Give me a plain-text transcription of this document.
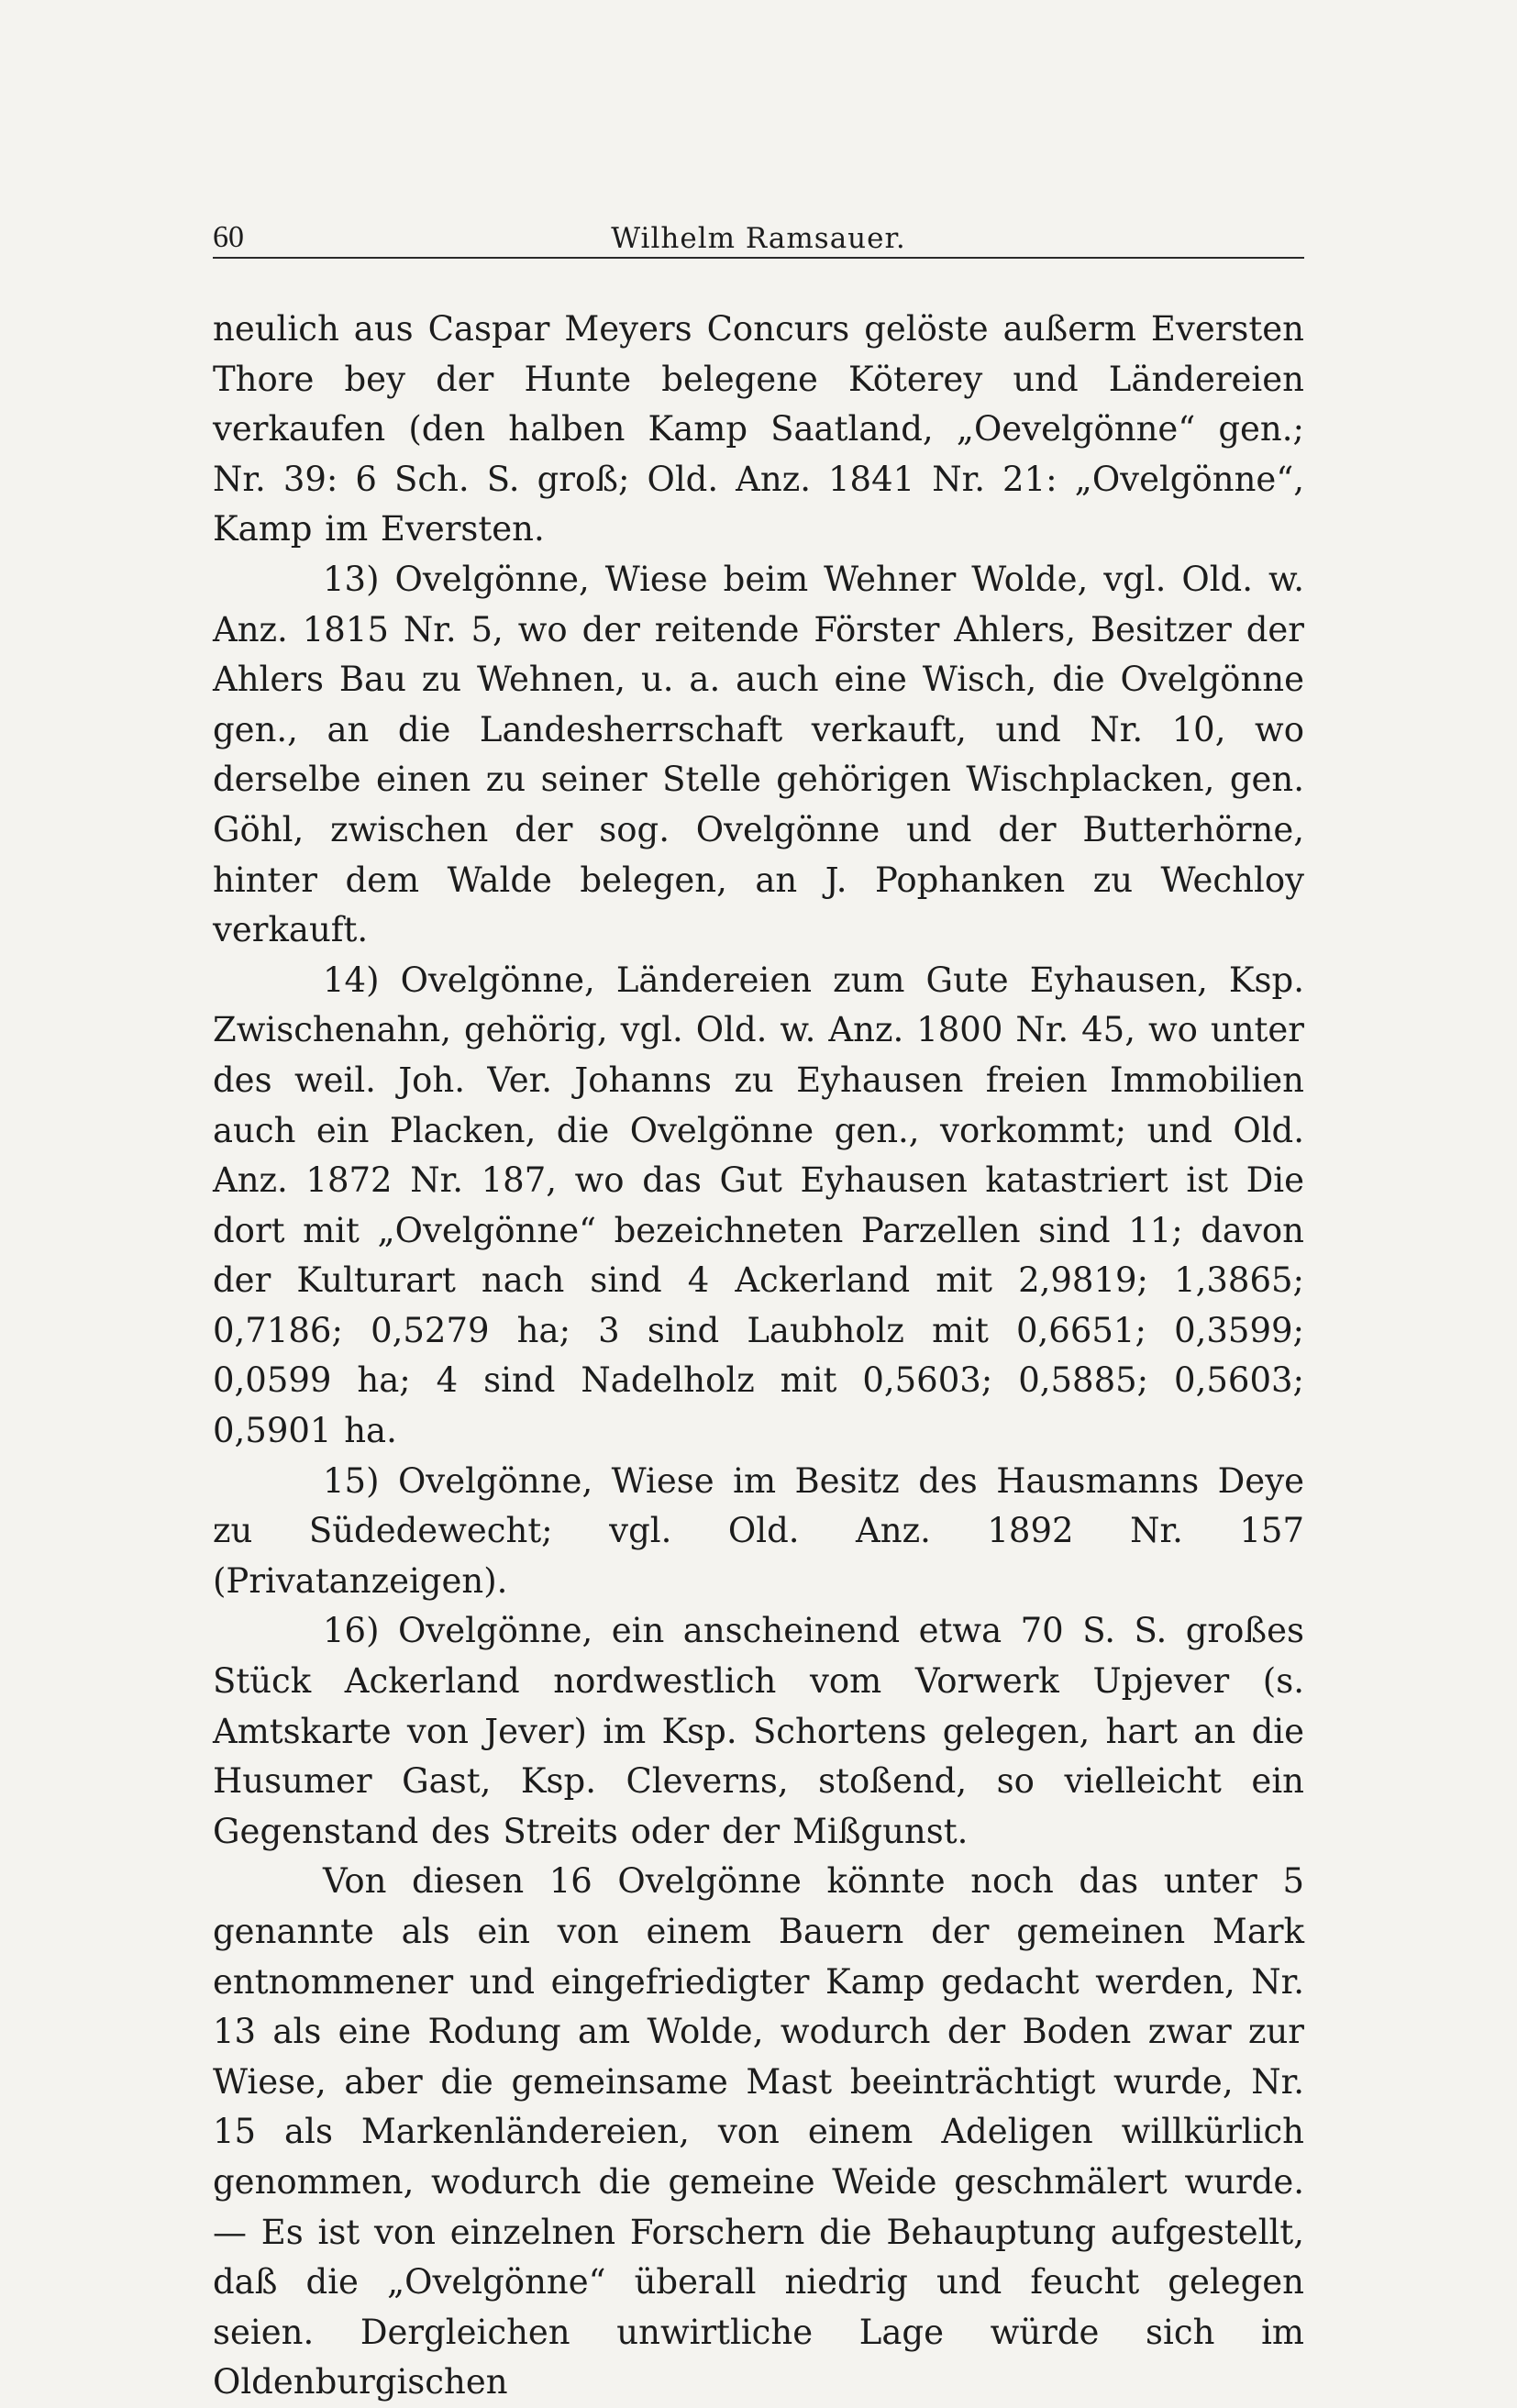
60	Wilhelm Ramsauer.

neulich aus Caspar Meyers Concurs gelöste außerm Eversten Thore bey der Hunte belegene Köterey und Ländereien verkaufen (den halben Kamp Saatland, „Oevelgönne“ gen.; Nr. 39: 6 Sch. S. groß; Old. Anz. 1841 Nr. 21: „Ovelgönne“, Kamp im Eversten.

13) Ovelgönne, Wiese beim Wehner Wolde, vgl. Old. w. Anz. 1815 Nr. 5, wo der reitende Förster Ahlers, Besitzer der Ahlers Bau zu Wehnen, u. a. auch eine Wisch, die Ovelgönne gen., an die Landesherrschaft verkauft, und Nr. 10, wo derselbe einen zu seiner Stelle gehörigen Wischplacken, gen. Göhl, zwischen der sog. Ovelgönne und der Butterhörne, hinter dem Walde belegen, an J. Pophanken zu Wechloy verkauft.

14) Ovelgönne, Ländereien zum Gute Eyhausen, Ksp. Zwischenahn, gehörig, vgl. Old. w. Anz. 1800 Nr. 45, wo unter des weil. Joh. Ver. Johanns zu Eyhausen freien Immobilien auch ein Placken, die Ovelgönne gen., vorkommt; und Old. Anz. 1872 Nr. 187, wo das Gut Eyhausen katastriert ist Die dort mit „Ovelgönne“ bezeichneten Parzellen sind 11; davon der Kulturart nach sind 4 Ackerland mit 2,9819; 1,3865; 0,7186; 0,5279 ha; 3 sind Laubholz mit 0,6651; 0,3599; 0,0599 ha; 4 sind Nadelholz mit 0,5603; 0,5885; 0,5603; 0,5901 ha.

15) Ovelgönne, Wiese im Besitz des Hausmanns Deye zu Südedewecht; vgl. Old. Anz. 1892 Nr. 157 (Privatanzeigen).

16) Ovelgönne, ein anscheinend etwa 70 S. S. großes Stück Ackerland nordwestlich vom Vorwerk Upjever (s. Amtskarte von Jever) im Ksp. Schortens gelegen, hart an die Husumer Gast, Ksp. Cleverns, stoßend, so vielleicht ein Gegenstand des Streits oder der Mißgunst.

Von diesen 16 Ovelgönne könnte noch das unter 5 genannte als ein von einem Bauern der gemeinen Mark entnommener und eingefriedigter Kamp gedacht werden, Nr. 13 als eine Rodung am Wolde, wodurch der Boden zwar zur Wiese, aber die gemeinsame Mast beeinträchtigt wurde, Nr. 15 als Markenländereien, von einem Adeligen willkürlich genommen, wodurch die gemeine Weide geschmälert wurde. — Es ist von einzelnen Forschern die Behauptung aufgestellt, daß die „Ovelgönne“ überall niedrig und feucht gelegen seien. Dergleichen unwirtliche Lage würde sich im Oldenburgischen
